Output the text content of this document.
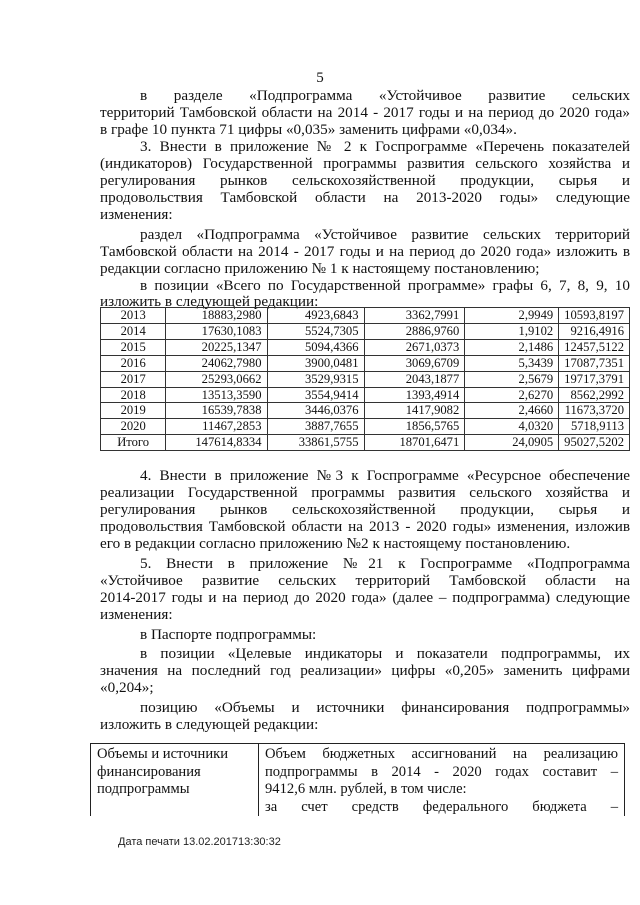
5

в разделе «Подпрограмма «Устойчивое развитие сельских

территорий Тамбовской области на 2014 - 2017 годы и на период до 2020 года»

в графе 10 пункта 71 цифры «0,035» заменить цифрами «0,034».

3. Внести в приложение № 2 к Госпрограмме «Перечень показателей

(индикаторов) Государственной программы развития сельского хозяйства и

регулирования рынков сельскохозяйственной продукции, сырья и

продовольствия Тамбовской области на 2013-2020 годы» следующие

изменения:

раздел «Подпрограмма «Устойчивое развитие сельских территорий

Тамбовской области на 2014 - 2017 годы и на период до 2020 года» изложить в

редакции согласно приложению № 1 к настоящему постановлению;

в позиции «Всего по Государственной программе» графы 6, 7, 8, 9, 10

изложить в следующей редакции:

2013	18883,2980	4923,6843	3362,7991	2,9949	10593,8197
2014	17630,1083	5524,7305	2886,9760	1,9102	9216,4916
2015	20225,1347	5094,4366	2671,0373	2,1486	12457,5122
2016	24062,7980	3900,0481	3069,6709	5,3439	17087,7351
2017	25293,0662	3529,9315	2043,1877	2,5679	19717,3791
2018	13513,3590	3554,9414	1393,4914	2,6270	8562,2992
2019	16539,7838	3446,0376	1417,9082	2,4660	11673,3720
2020	11467,2853	3887,7655	1856,5765	4,0320	5718,9113
Итого	147614,8334	33861,5755	18701,6471	24,0905	95027,5202

4. Внести в приложение №3 к Госпрограмме «Ресурсное обеспечение

реализации Государственной программы развития сельского хозяйства и

регулирования рынков сельскохозяйственной продукции, сырья и

продовольствия Тамбовской области на 2013 - 2020 годы» изменения, изложив

его в редакции согласно приложению №2 к настоящему постановлению.

5. Внести в приложение №21 к Госпрограмме «Подпрограмма

«Устойчивое развитие сельских территорий Тамбовской области на

2014-2017 годы и на период до 2020 года» (далее – подпрограмма) следующие

изменения:

в Паспорте подпрограммы:

в позиции «Целевые индикаторы и показатели подпрограммы, их

значения на последний год реализации» цифры «0,205» заменить цифрами

«0,204»;

позицию «Объемы и источники финансирования подпрограммы»

изложить в следующей редакции:

Объемы и источники
финансирования
подпрограммы

Объем бюджетных ассигнований на реализацию
подпрограммы в 2014 - 2020 годах составит –
9412,6 млн. рублей, в том числе:
за счет средств федерального бюджета –
Дата печати 13.02.201713:30:32
